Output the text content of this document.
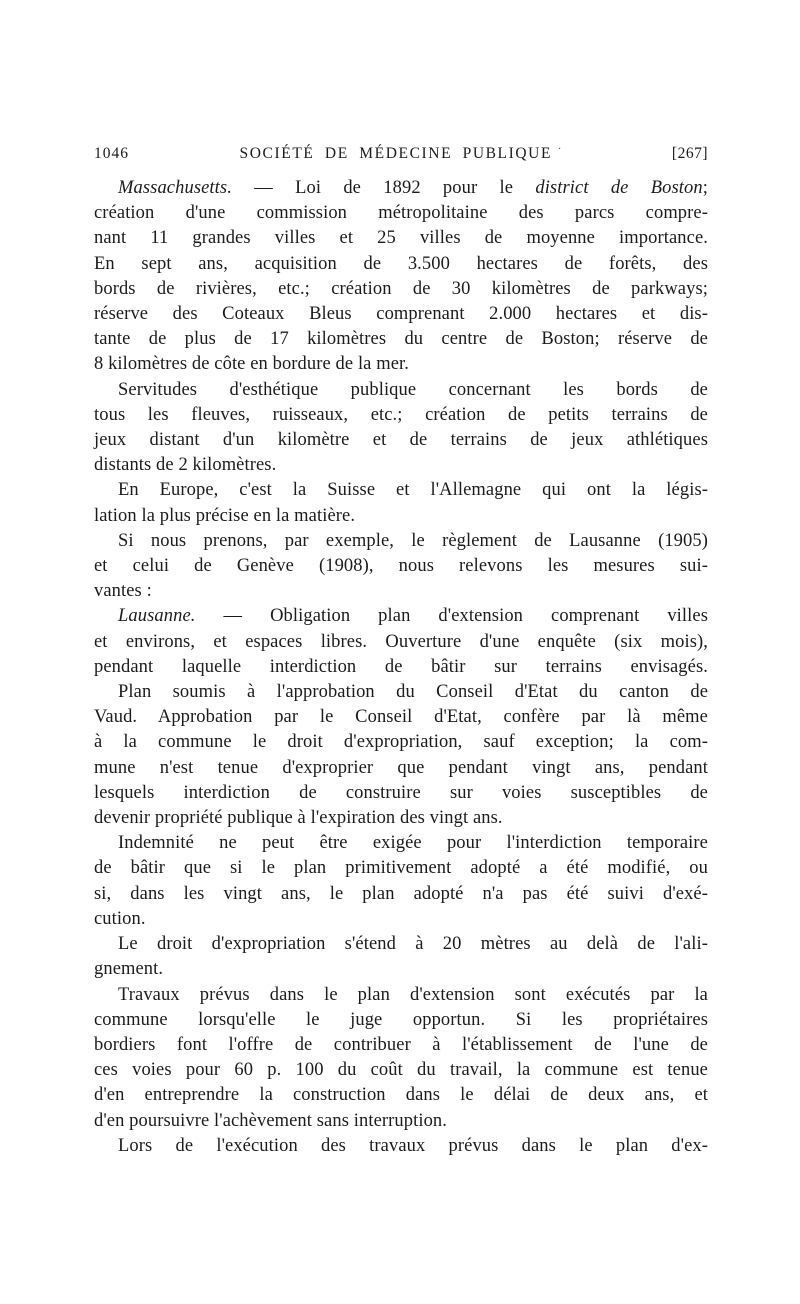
1046	SOCIÉTÉ DE MÉDECINE PUBLIQUE ·	[267]
Massachusetts. — Loi de 1892 pour le district de Boston;
création d'une commission métropolitaine des parcs compre-
nant 11 grandes villes et 25 villes de moyenne importance.
En sept ans, acquisition de 3.500 hectares de forêts, des
bords de rivières, etc.; création de 30 kilomètres de parkways;
réserve des Coteaux Bleus comprenant 2.000 hectares et dis-
tante de plus de 17 kilomètres du centre de Boston; réserve de
8 kilomètres de côte en bordure de la mer.
Servitudes d'esthétique publique concernant les bords de
tous les fleuves, ruisseaux, etc.; création de petits terrains de
jeux distant d'un kilomètre et de terrains de jeux athlétiques
distants de 2 kilomètres.
En Europe, c'est la Suisse et l'Allemagne qui ont la légis-
lation la plus précise en la matière.
Si nous prenons, par exemple, le règlement de Lausanne (1905)
et celui de Genève (1908), nous relevons les mesures sui-
vantes :
Lausanne. — Obligation plan d'extension comprenant villes
et environs, et espaces libres. Ouverture d'une enquête (six mois),
pendant laquelle interdiction de bâtir sur terrains envisagés.
Plan soumis à l'approbation du Conseil d'Etat du canton de
Vaud. Approbation par le Conseil d'Etat, confère par là même
à la commune le droit d'expropriation, sauf exception; la com-
mune n'est tenue d'exproprier que pendant vingt ans, pendant
lesquels interdiction de construire sur voies susceptibles de
devenir propriété publique à l'expiration des vingt ans.
Indemnité ne peut être exigée pour l'interdiction temporaire
de bâtir que si le plan primitivement adopté a été modifié, ou
si, dans les vingt ans, le plan adopté n'a pas été suivi d'exé-
cution.
Le droit d'expropriation s'étend à 20 mètres au delà de l'ali-
gnement.
Travaux prévus dans le plan d'extension sont exécutés par la
commune lorsqu'elle le juge opportun. Si les propriétaires
bordiers font l'offre de contribuer à l'établissement de l'une de
ces voies pour 60 p. 100 du coût du travail, la commune est tenue
d'en entreprendre la construction dans le délai de deux ans, et
d'en poursuivre l'achèvement sans interruption.
Lors de l'exécution des travaux prévus dans le plan d'ex-
